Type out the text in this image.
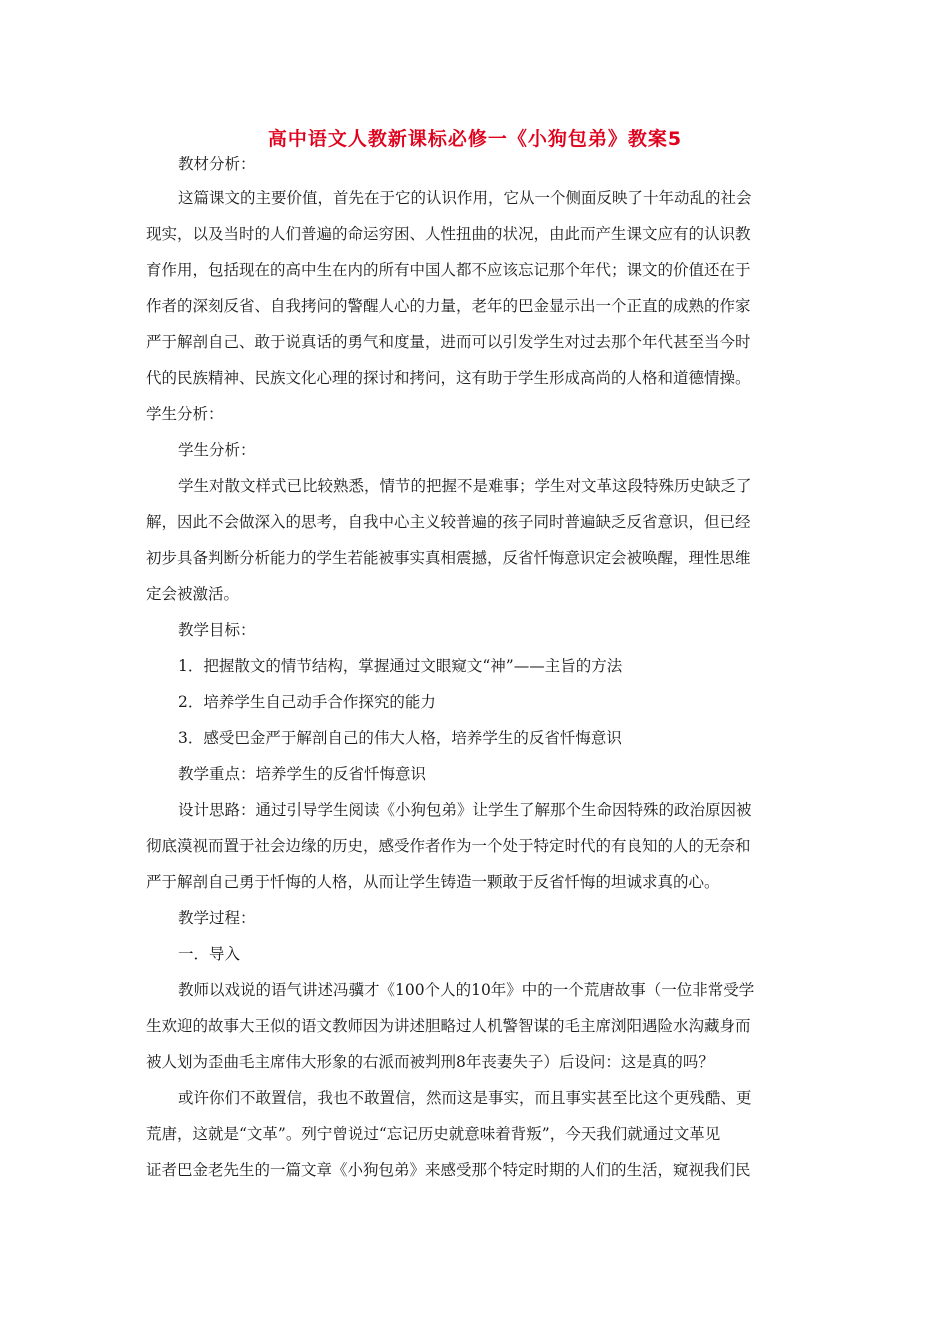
高中语文人教新课标必修一《小狗包弟》教案5
教材分析：
这篇课文的主要价值，首先在于它的认识作用，它从一个侧面反映了十年动乱的社会
现实，以及当时的人们普遍的命运穷困、人性扭曲的状况，由此而产生课文应有的认识教
育作用，包括现在的高中生在内的所有中国人都不应该忘记那个年代；课文的价值还在于
作者的深刻反省、自我拷问的警醒人心的力量，老年的巴金显示出一个正直的成熟的作家
严于解剖自己、敢于说真话的勇气和度量，进而可以引发学生对过去那个年代甚至当今时
代的民族精神、民族文化心理的探讨和拷问，这有助于学生形成高尚的人格和道德情操。
学生分析：
学生分析：
学生对散文样式已比较熟悉，情节的把握不是难事；学生对文革这段特殊历史缺乏了
解，因此不会做深入的思考，自我中心主义较普遍的孩子同时普遍缺乏反省意识，但已经
初步具备判断分析能力的学生若能被事实真相震撼，反省忏悔意识定会被唤醒，理性思维
定会被激活。
教学目标：
1．把握散文的情节结构，掌握通过文眼窥文“神”——主旨的方法
2．培养学生自己动手合作探究的能力
3．感受巴金严于解剖自己的伟大人格，培养学生的反省忏悔意识
教学重点：培养学生的反省忏悔意识
设计思路：通过引导学生阅读《小狗包弟》让学生了解那个生命因特殊的政治原因被
彻底漠视而置于社会边缘的历史，感受作者作为一个处于特定时代的有良知的人的无奈和
严于解剖自己勇于忏悔的人格，从而让学生铸造一颗敢于反省忏悔的坦诚求真的心。
教学过程：
一．导入
教师以戏说的语气讲述冯骥才《100个人的10年》中的一个荒唐故事（一位非常受学
生欢迎的故事大王似的语文教师因为讲述胆略过人机警智谋的毛主席浏阳遇险水沟藏身而
被人划为歪曲毛主席伟大形象的右派而被判刑8年丧妻失子）后设问：这是真的吗？
或许你们不敢置信，我也不敢置信，然而这是事实，而且事实甚至比这个更残酷、更
荒唐，这就是“文革”。列宁曾说过“忘记历史就意味着背叛”，今天我们就通过文革见
证者巴金老先生的一篇文章《小狗包弟》来感受那个特定时期的人们的生活，窥视我们民
